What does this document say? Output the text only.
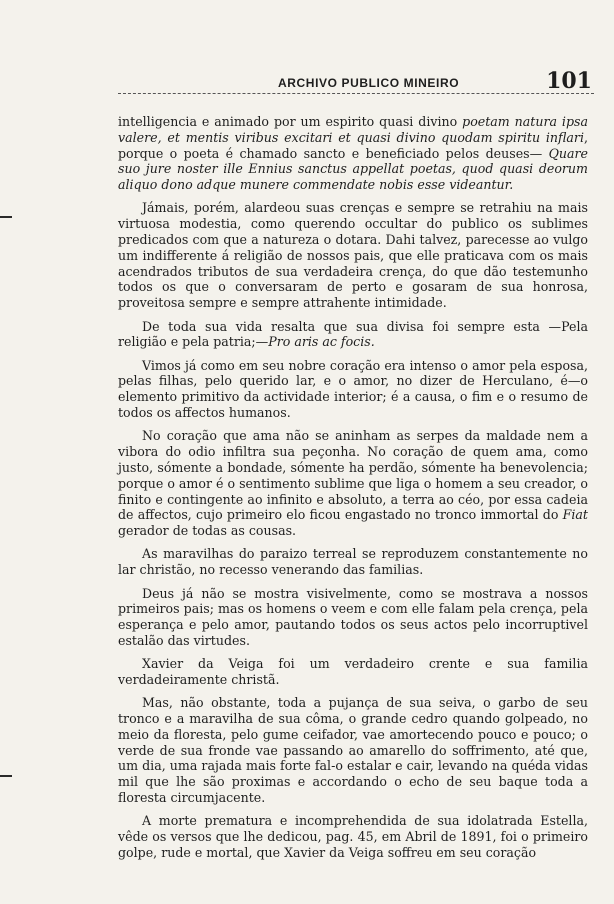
ARCHIVO PUBLICO MINEIRO	101

intelligencia e animado por um espirito quasi divino poetam natura ipsa valere, et mentis viribus excitari et quasi divino quodam spiritu inflari, porque o poeta é chamado sancto e beneficiado pelos deuses— Quare suo jure noster ille Ennius sanctus appellat poetas, quod quasi deorum aliquo dono adque munere commendate nobis esse videantur.

Jámais, porém, alardeou suas crenças e sempre se retrahiu na mais virtuosa modestia, como querendo occultar do publico os sublimes predicados com que a natureza o dotara. Dahi talvez, parecesse ao vulgo um indifferente á religião de nossos pais, que elle praticava com os mais acendrados tributos de sua verdadeira crença, do que dão testemunho todos os que o conversaram de perto e gosaram de sua honrosa, proveitosa sempre e sempre attrahente intimidade.

De toda sua vida resalta que sua divisa foi sempre esta —Pela religião e pela patria;—Pro aris ac focis.

Vimos já como em seu nobre coração era intenso o amor pela esposa, pelas filhas, pelo querido lar, e o amor, no dizer de Herculano, é—o elemento primitivo da actividade interior; é a causa, o fim e o resumo de todos os affectos humanos.

No coração que ama não se aninham as serpes da maldade nem a vibora do odio infiltra sua peçonha. No coração de quem ama, como justo, sómente a bondade, sómente ha perdão, sómente ha benevolencia; porque o amor é o sentimento sublime que liga o homem a seu creador, o finito e contingente ao infinito e absoluto, a terra ao céo, por essa cadeia de affectos, cujo primeiro elo ficou engastado no tronco immortal do Fiat gerador de todas as cousas.

As maravilhas do paraizo terreal se reproduzem constantemente no lar christão, no recesso venerando das familias.

Deus já não se mostra visivelmente, como se mostrava a nossos primeiros pais; mas os homens o veem e com elle falam pela crença, pela esperança e pelo amor, pautando todos os seus actos pelo incorruptivel estalão das virtudes.

Xavier da Veiga foi um verdadeiro crente e sua familia verdadeiramente christã.

Mas, não obstante, toda a pujança de sua seiva, o garbo de seu tronco e a maravilha de sua côma, o grande cedro quando golpeado, no meio da floresta, pelo gume ceifador, vae amortecendo pouco e pouco; o verde de sua fronde vae passando ao amarello do soffrimento, até que, um dia, uma rajada mais forte fal-o estalar e cair, levando na quéda vidas mil que lhe são proximas e accordando o echo de seu baque toda a floresta circumjacente.

A morte prematura e incomprehendida de sua idolatrada Estella, vêde os versos que lhe dedicou, pag. 45, em Abril de 1891, foi o primeiro golpe, rude e mortal, que Xavier da Veiga soffreu em seu coração
